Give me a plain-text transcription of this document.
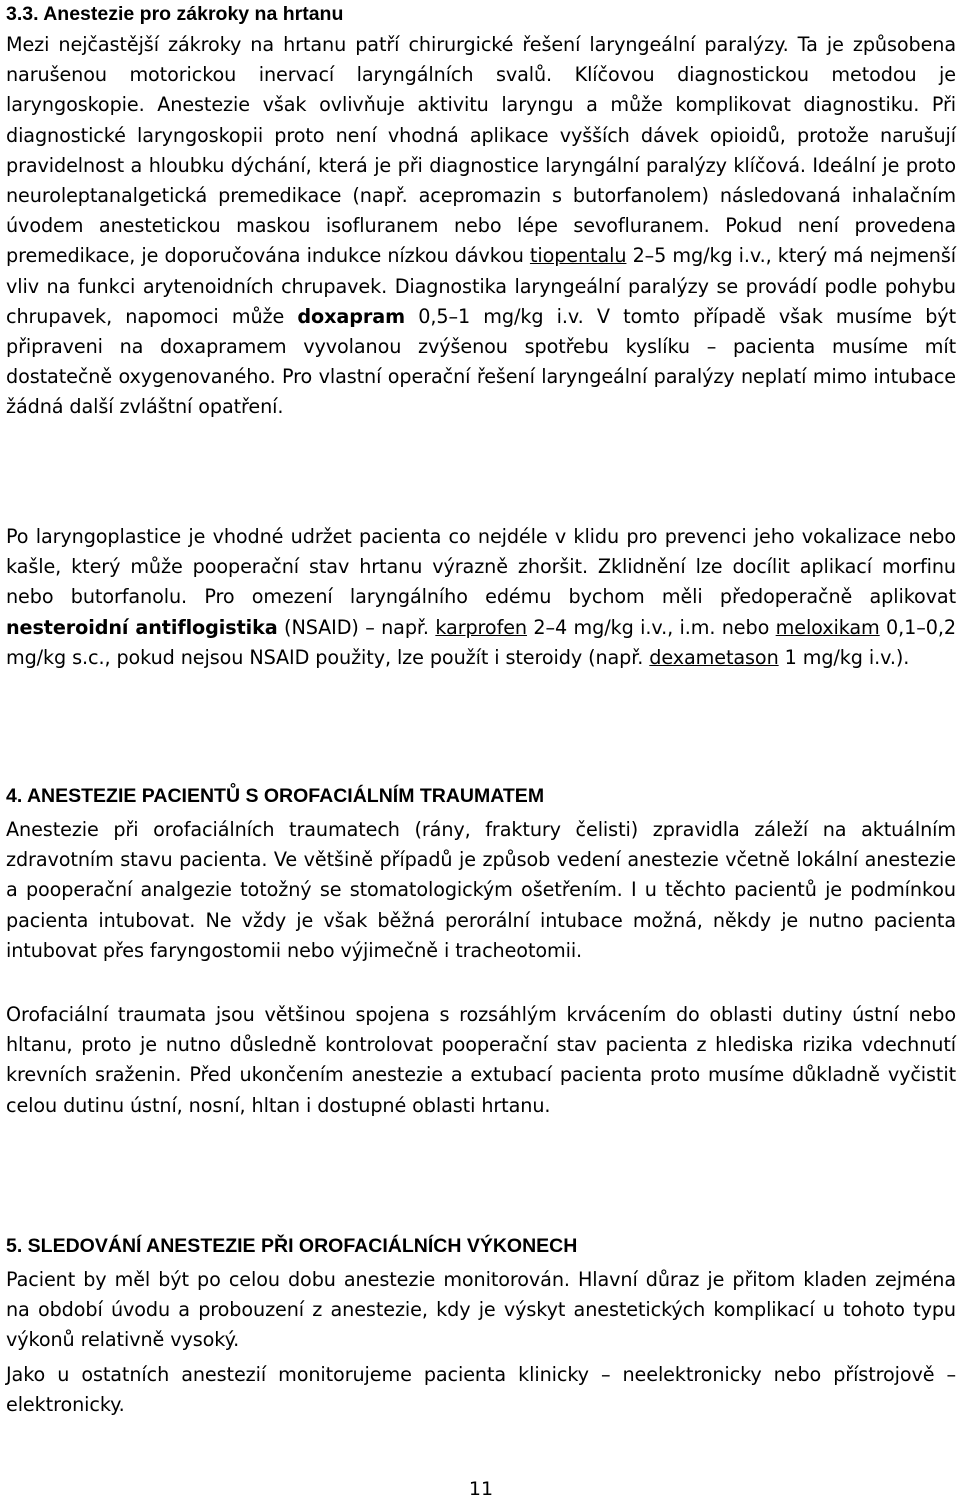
3.3. Anestezie pro zákroky na hrtanu

Mezi nejčastější zákroky na hrtanu patří chirurgické řešení laryngeální paralýzy. Ta je způsobena narušenou motorickou inervací laryngálních svalů. Klíčovou diagnostickou metodou je laryngoskopie. Anestezie však ovlivňuje aktivitu laryngu a může komplikovat diagnostiku. Při diagnostické laryngoskopii proto není vhodná aplikace vyšších dávek opioidů, protože narušují pravidelnost a hloubku dýchání, která je při diagnostice laryngální paralýzy klíčová. Ideální je proto neuroleptanalgetická premedikace (např. acepromazin s butorfanolem) následovaná inhalačním úvodem anestetickou maskou isofluranem nebo lépe sevofluranem. Pokud není provedena premedikace, je doporučována indukce nízkou dávkou tiopentalu 2–5 mg/kg i.v., který má nejmenší vliv na funkci arytenoidních chrupavek. Diagnostika laryngeální paralýzy se provádí podle pohybu chrupavek, napomoci může doxapram 0,5–1 mg/kg i.v. V tomto případě však musíme být připraveni na doxapramem vyvolanou zvýšenou spotřebu kyslíku – pacienta musíme mít dostatečně oxygenovaného. Pro vlastní operační řešení laryngeální paralýzy neplatí mimo intubace žádná další zvláštní opatření.

Po laryngoplastice je vhodné udržet pacienta co nejdéle v klidu pro prevenci jeho vokalizace nebo kašle, který může pooperační stav hrtanu výrazně zhoršit. Zklidnění lze docílit aplikací morfinu nebo butorfanolu. Pro omezení laryngálního edému bychom měli předoperačně aplikovat nesteroidní antiflogistika (NSAID) – např. karprofen 2–4 mg/kg i.v., i.m. nebo meloxikam 0,1–0,2 mg/kg s.c., pokud nejsou NSAID použity, lze použít i steroidy (např. dexametason 1 mg/kg i.v.).

4. ANESTEZIE PACIENTŮ S OROFACIÁLNÍM TRAUMATEM

Anestezie při orofaciálních traumatech (rány, fraktury čelisti) zpravidla záleží na aktuálním zdravotním stavu pacienta. Ve většině případů je způsob vedení anestezie včetně lokální anestezie a pooperační analgezie totožný se stomatologickým ošetřením. I u těchto pacientů je podmínkou pacienta intubovat. Ne vždy je však běžná perorální intubace možná, někdy je nutno pacienta intubovat přes faryngostomii nebo výjimečně i tracheotomii.

Orofaciální traumata jsou většinou spojena s rozsáhlým krvácením do oblasti dutiny ústní nebo hltanu, proto je nutno důsledně kontrolovat pooperační stav pacienta z hlediska rizika vdechnutí krevních sraženin. Před ukončením anestezie a extubací pacienta proto musíme důkladně vyčistit celou dutinu ústní, nosní, hltan i dostupné oblasti hrtanu.

5. SLEDOVÁNÍ ANESTEZIE PŘI OROFACIÁLNÍCH VÝKONECH

Pacient by měl být po celou dobu anestezie monitorován. Hlavní důraz je přitom kladen zejména na období úvodu a probouzení z anestezie, kdy je výskyt anestetických komplikací u tohoto typu výkonů relativně vysoký.

Jako u ostatních anestezií monitorujeme pacienta klinicky – neelektronicky nebo přístrojově – elektronicky.

11
